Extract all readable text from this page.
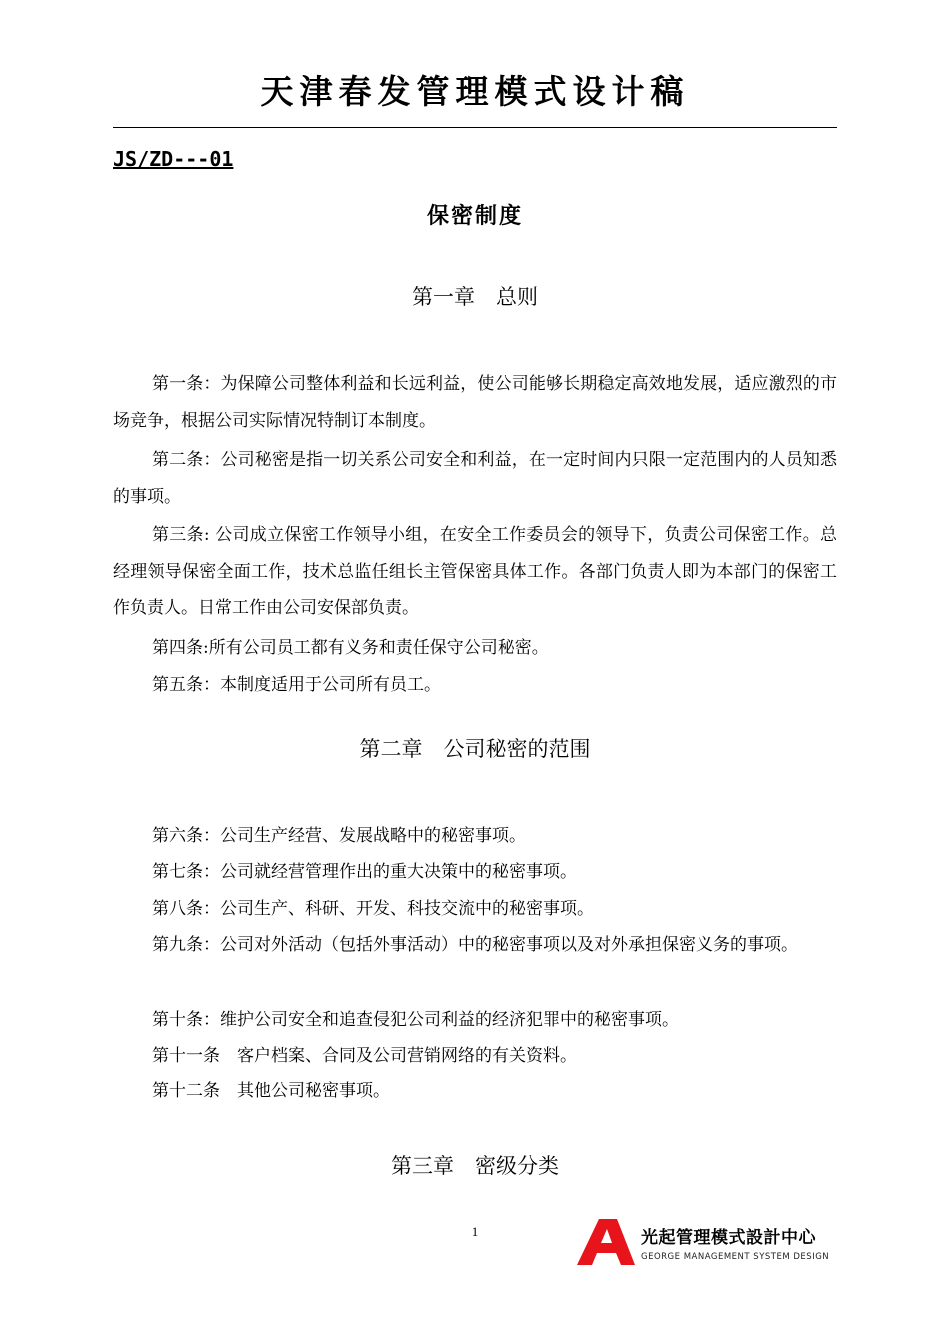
天津春发管理模式设计稿
JS/ZD---01
保密制度
第一章　总则
第一条：为保障公司整体利益和长远利益，使公司能够长期稳定高效地发展，适应激烈的市场竞争，根据公司实际情况特制订本制度。
第二条：公司秘密是指一切关系公司安全和利益，在一定时间内只限一定范围内的人员知悉的事项。
第三条: 公司成立保密工作领导小组，在安全工作委员会的领导下，负责公司保密工作。总经理领导保密全面工作，技术总监任组长主管保密具体工作。各部门负责人即为本部门的保密工作负责人。日常工作由公司安保部负责。
第四条:所有公司员工都有义务和责任保守公司秘密。
第五条：本制度适用于公司所有员工。
第二章　公司秘密的范围
第六条：公司生产经营、发展战略中的秘密事项。
第七条：公司就经营管理作出的重大决策中的秘密事项。
第八条：公司生产、科研、开发、科技交流中的秘密事项。
第九条：公司对外活动（包括外事活动）中的秘密事项以及对外承担保密义务的事项。
第十条：维护公司安全和追查侵犯公司利益的经济犯罪中的秘密事项。
第十一条　客户档案、合同及公司营销网络的有关资料。
第十二条　其他公司秘密事项。
第三章　密级分类
1	光起管理模式設計中心
GEORGE MANAGEMENT SYSTEM DESIGN
